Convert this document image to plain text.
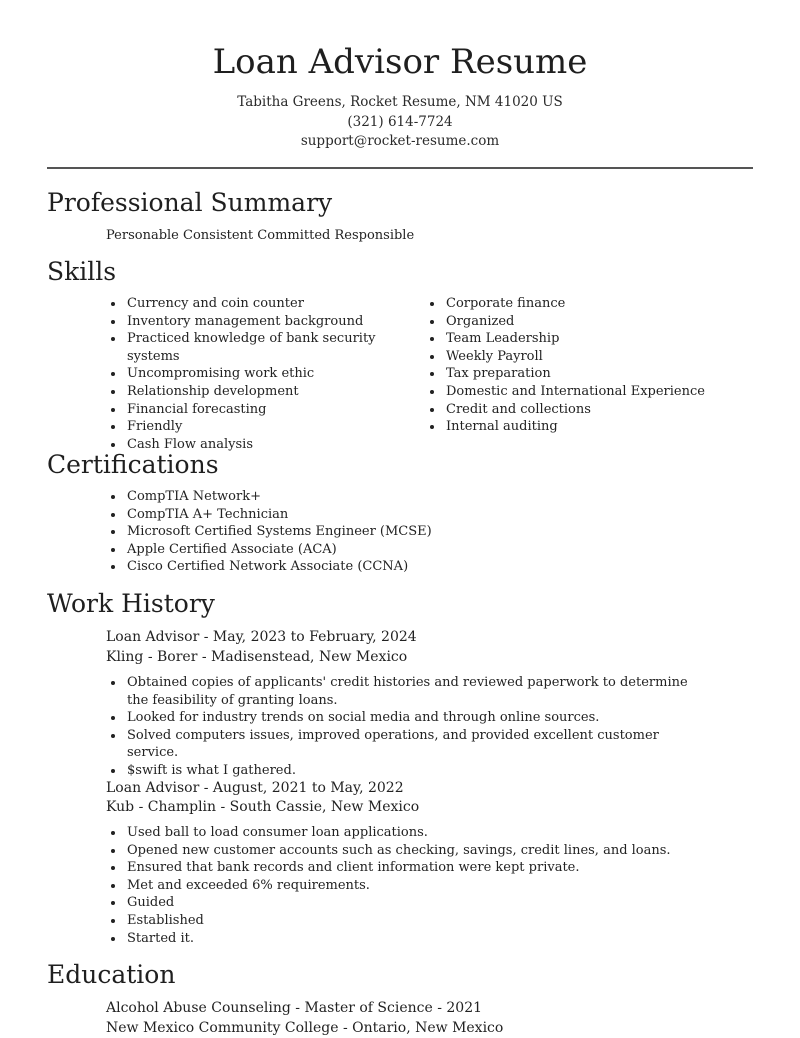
Loan Advisor Resume
Tabitha Greens, Rocket Resume, NM 41020 US
(321) 614-7724
support@rocket-resume.com
Professional Summary
Personable Consistent Committed Responsible
Skills
Currency and coin counter
Inventory management background
Practiced knowledge of bank security systems
Uncompromising work ethic
Relationship development
Financial forecasting
Friendly
Cash Flow analysis
Corporate finance
Organized
Team Leadership
Weekly Payroll
Tax preparation
Domestic and International Experience
Credit and collections
Internal auditing
Certifications
CompTIA Network+
CompTIA A+ Technician
Microsoft Certified Systems Engineer (MCSE)
Apple Certified Associate (ACA)
Cisco Certified Network Associate (CCNA)
Work History
Loan Advisor - May, 2023 to February, 2024
Kling - Borer - Madisenstead, New Mexico
Obtained copies of applicants' credit histories and reviewed paperwork to determine the feasibility of granting loans.
Looked for industry trends on social media and through online sources.
Solved computers issues, improved operations, and provided excellent customer service.
$swift is what I gathered.
Loan Advisor - August, 2021 to May, 2022
Kub - Champlin - South Cassie, New Mexico
Used ball to load consumer loan applications.
Opened new customer accounts such as checking, savings, credit lines, and loans.
Ensured that bank records and client information were kept private.
Met and exceeded 6% requirements.
Guided
Established
Started it.
Education
Alcohol Abuse Counseling - Master of Science - 2021
New Mexico Community College - Ontario, New Mexico
